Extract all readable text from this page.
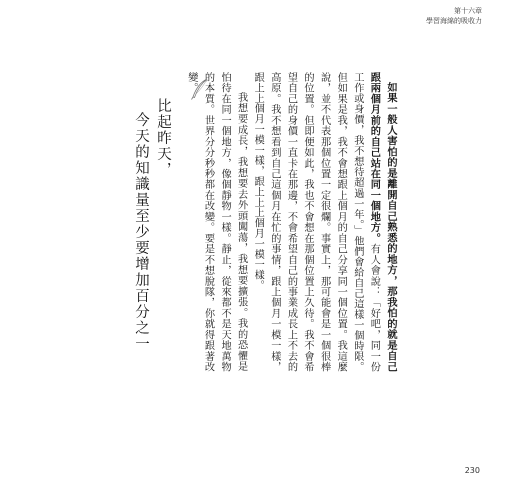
第十六章
學習海綿的吸收力

如果一般人害怕的是離開自己熟悉的地方，那我怕的就是自己跟兩個月前的自己站在同一個地方。有人會說：「好吧，同一份工作或身價，我不想待超過一年。」他們會給自己這樣一個時限。但如果是我，我不會想跟上個月的自己分享同一個位置。我這麼說，並不代表那個位置一定很爛。事實上，那可能會是一個很棒的位置。但即便如此，我也不會想在那個位置上久待。我不會希望自己的身價一直卡在那邊，不會希望自己的事業成長上不去的高原。我不想看到自己這個月在忙的事情，跟上個月一模一樣，跟上上個月一模一樣，跟上上上個月一模一樣。

我想要成長，我想要去外頭闖蕩，我想要擴張。我的恐懼是怕待在同一個地方，像個靜物一樣。靜止，從來都不是天地萬物的本質。世界分分秒秒都在改變。要是不想脫隊，你就得跟著改變。

比起昨天，
今天的知識量至少要增加百分之一
230
